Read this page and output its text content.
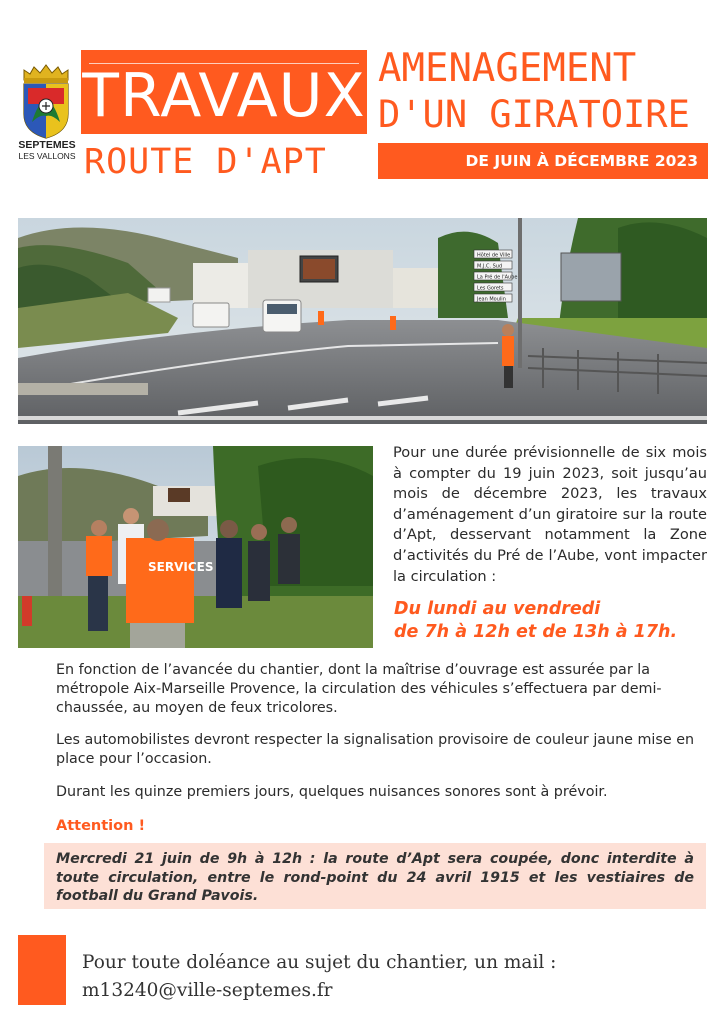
SEPTEMES
LES VALLONS
TRAVAUX
ROUTE D'APT
AMENAGEMENT
D'UN GIRATOIRE
DE JUIN À DÉCEMBRE 2023
Hôtel de Ville
M.J.C. Sud
La Pré de l'Aube
Les Gorets
Jean Moulin
SERVICES

Pour une durée prévisionnelle de six mois à compter du 19 juin 2023, soit jusqu’au mois de décembre 2023, les travaux d’aménagement d’un giratoire sur la route d’Apt, desservant notamment la Zone d’activités du Pré de l’Aube, vont impacter la circulation :

Du lundi au vendredi
de 7h à 12h et de 13h à 17h.
En fonction de l’avancée du chantier, dont la maîtrise d’ouvrage est assurée par la métropole Aix-Marseille Provence, la circulation des véhicules s’effectuera par demi-chaussée, au moyen de feux tricolores.
Les automobilistes devront respecter la signalisation provisoire de couleur jaune mise en place pour l’occasion.
Durant les quinze premiers jours, quelques nuisances sonores sont à prévoir.
Attention !
Mercredi 21 juin de 9h à 12h : la route d’Apt sera coupée, donc interdite à toute circulation, entre le rond-point du 24 avril 1915 et les vestiaires de football du Grand Pavois.
Pour toute doléance au sujet du chantier, un mail :
m13240@ville-septemes.fr
